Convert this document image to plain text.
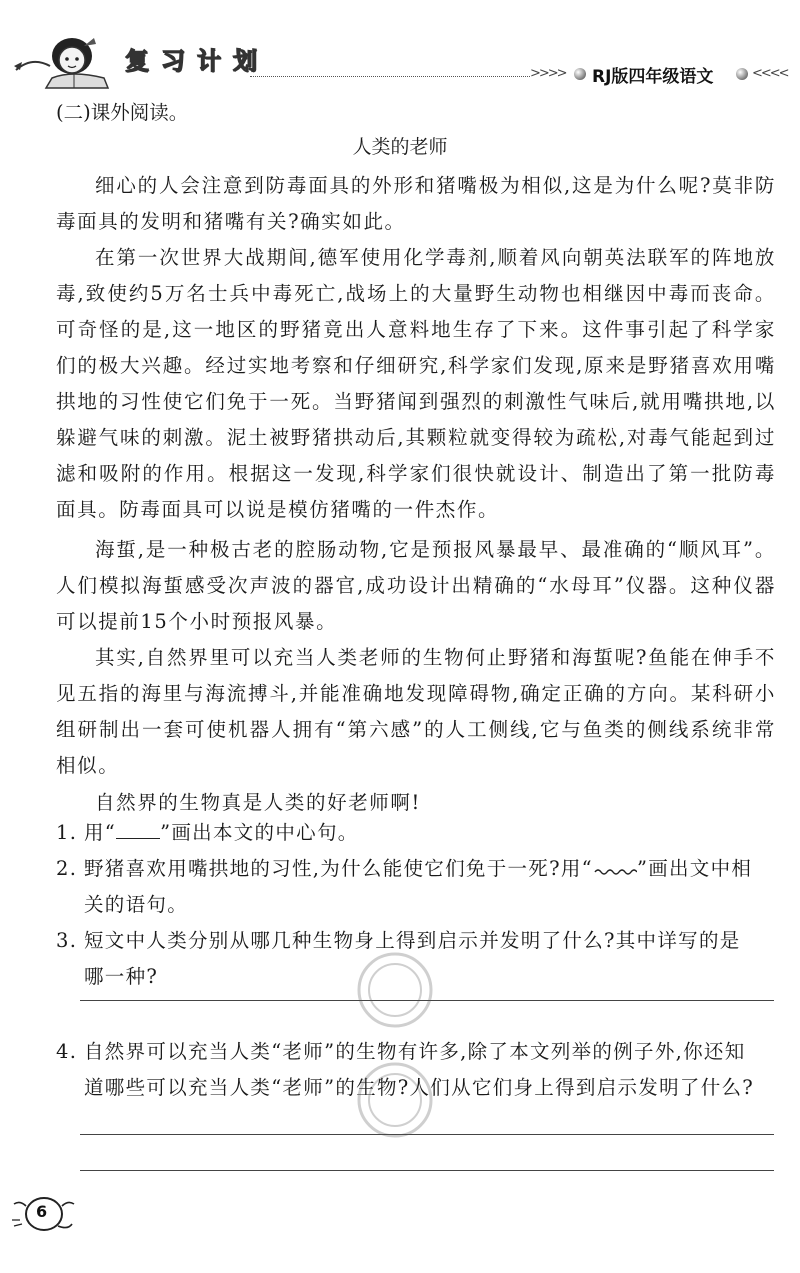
复 习 计 划	>>>> RJ版四年级语文	<<<<
(二)课外阅读。
人类的老师
细心的人会注意到防毒面具的外形和猪嘴极为相似,这是为什么呢?莫非防毒面具的发明和猪嘴有关?确实如此。
在第一次世界大战期间,德军使用化学毒剂,顺着风向朝英法联军的阵地放毒,致使约5万名士兵中毒死亡,战场上的大量野生动物也相继因中毒而丧命。可奇怪的是,这一地区的野猪竟出人意料地生存了下来。这件事引起了科学家们的极大兴趣。经过实地考察和仔细研究,科学家们发现,原来是野猪喜欢用嘴拱地的习性使它们免于一死。当野猪闻到强烈的刺激性气味后,就用嘴拱地,以躲避气味的刺激。泥土被野猪拱动后,其颗粒就变得较为疏松,对毒气能起到过滤和吸附的作用。根据这一发现,科学家们很快就设计、制造出了第一批防毒面具。防毒面具可以说是模仿猪嘴的一件杰作。
海蜇,是一种极古老的腔肠动物,它是预报风暴最早、最准确的“顺风耳”。人们模拟海蜇感受次声波的器官,成功设计出精确的“水母耳”仪器。这种仪器可以提前15个小时预报风暴。
其实,自然界里可以充当人类老师的生物何止野猪和海蜇呢?鱼能在伸手不见五指的海里与海流搏斗,并能准确地发现障碍物,确定正确的方向。某科研小组研制出一套可使机器人拥有“第六感”的人工侧线,它与鱼类的侧线系统非常相似。
自然界的生物真是人类的好老师啊!
1. 用“ ”画出本文的中心句。
2. 野猪喜欢用嘴拱地的习性,为什么能使它们免于一死?用“ ”画出文中相
关的语句。
3. 短文中人类分别从哪几种生物身上得到启示并发明了什么?其中详写的是
哪一种?
4. 自然界可以充当人类“老师”的生物有许多,除了本文列举的例子外,你还知
道哪些可以充当人类“老师”的生物?人们从它们身上得到启示发明了什么?
6
